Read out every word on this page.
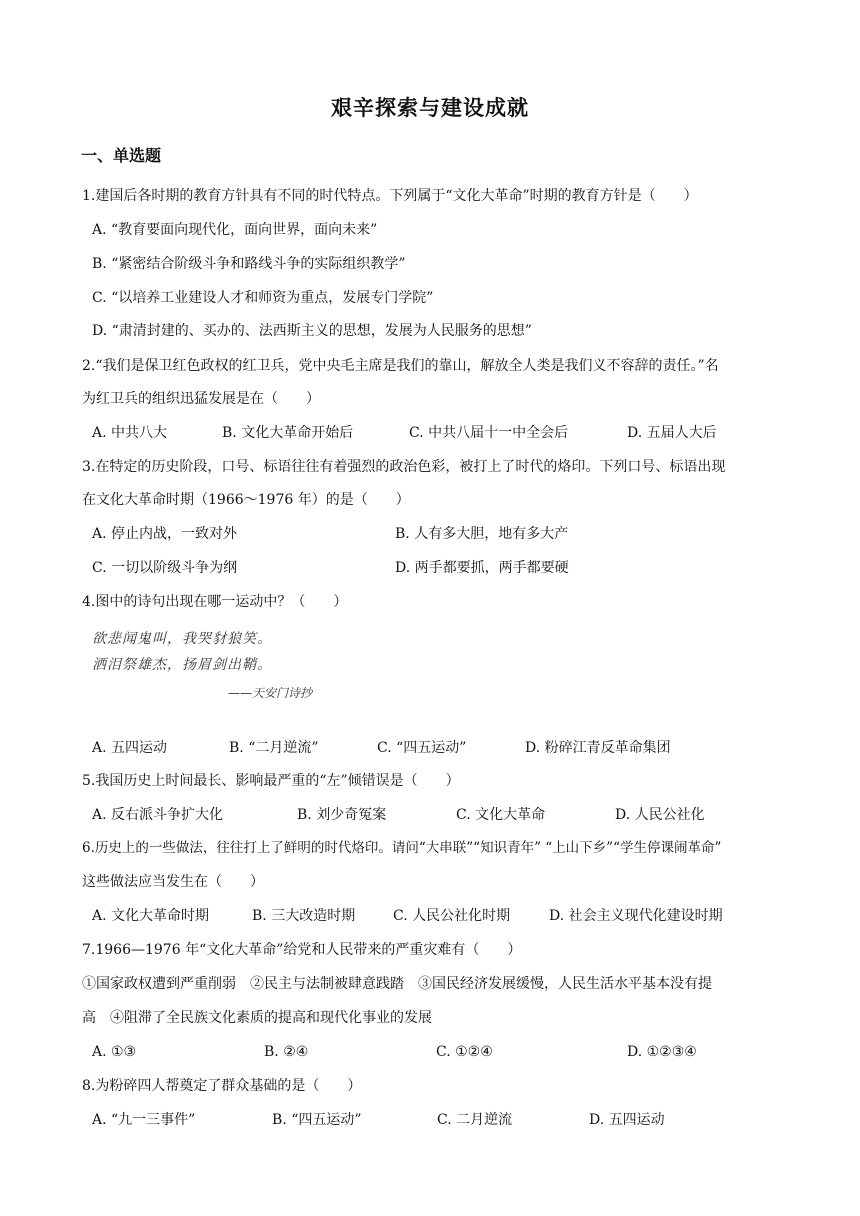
艰辛探索与建设成就
一、单选题
1.建国后各时期的教育方针具有不同的时代特点。下列属于“文化大革命”时期的教育方针是（　　）
A. “教育要面向现代化，面向世界，面向未来”
B. “紧密结合阶级斗争和路线斗争的实际组织教学”
C. “以培养工业建设人才和师资为重点，发展专门学院”
D. “肃清封建的、买办的、法西斯主义的思想，发展为人民服务的思想”
2.“我们是保卫红色政权的红卫兵，党中央毛主席是我们的靠山，解放全人类是我们义不容辞的责任。”名
为红卫兵的组织迅猛发展是在（　　）
A. 中共八大	B. 文化大革命开始后	C. 中共八届十一中全会后	D. 五届人大后
3.在特定的历史阶段，口号、标语往往有着强烈的政治色彩，被打上了时代的烙印。下列口号、标语出现
在文化大革命时期（1966～1976 年）的是（　　）
A. 停止内战，一致对外	B. 人有多大胆，地有多大产
C. 一切以阶级斗争为纲	D. 两手都要抓，两手都要硬
4.图中的诗句出现在哪一运动中？（　　）
欲悲闻鬼叫，我哭豺狼笑。
洒泪祭雄杰，扬眉剑出鞘。
——天安门诗抄
A. 五四运动	B. “二月逆流”	C. “四五运动”	D. 粉碎江青反革命集团
5.我国历史上时间最长、影响最严重的“左”倾错误是（　　）
A. 反右派斗争扩大化	B. 刘少奇冤案	C. 文化大革命	D. 人民公社化
6.历史上的一些做法，往往打上了鲜明的时代烙印。请问“大串联”“知识青年” “上山下乡”“学生停课闹革命”
这些做法应当发生在（　　）
A. 文化大革命时期	B. 三大改造时期	C. 人民公社化时期	D. 社会主义现代化建设时期
7.1966—1976 年“文化大革命”给党和人民带来的严重灾难有（　　）
①国家政权遭到严重削弱　②民主与法制被肆意践踏　③国民经济发展缓慢，人民生活水平基本没有提
高　④阻滞了全民族文化素质的提高和现代化事业的发展
A. ①③	B. ②④	C. ①②④	D. ①②③④
8.为粉碎四人帮奠定了群众基础的是（　　）
A. “九一三事件”	B. “四五运动”	C. 二月逆流	D. 五四运动
